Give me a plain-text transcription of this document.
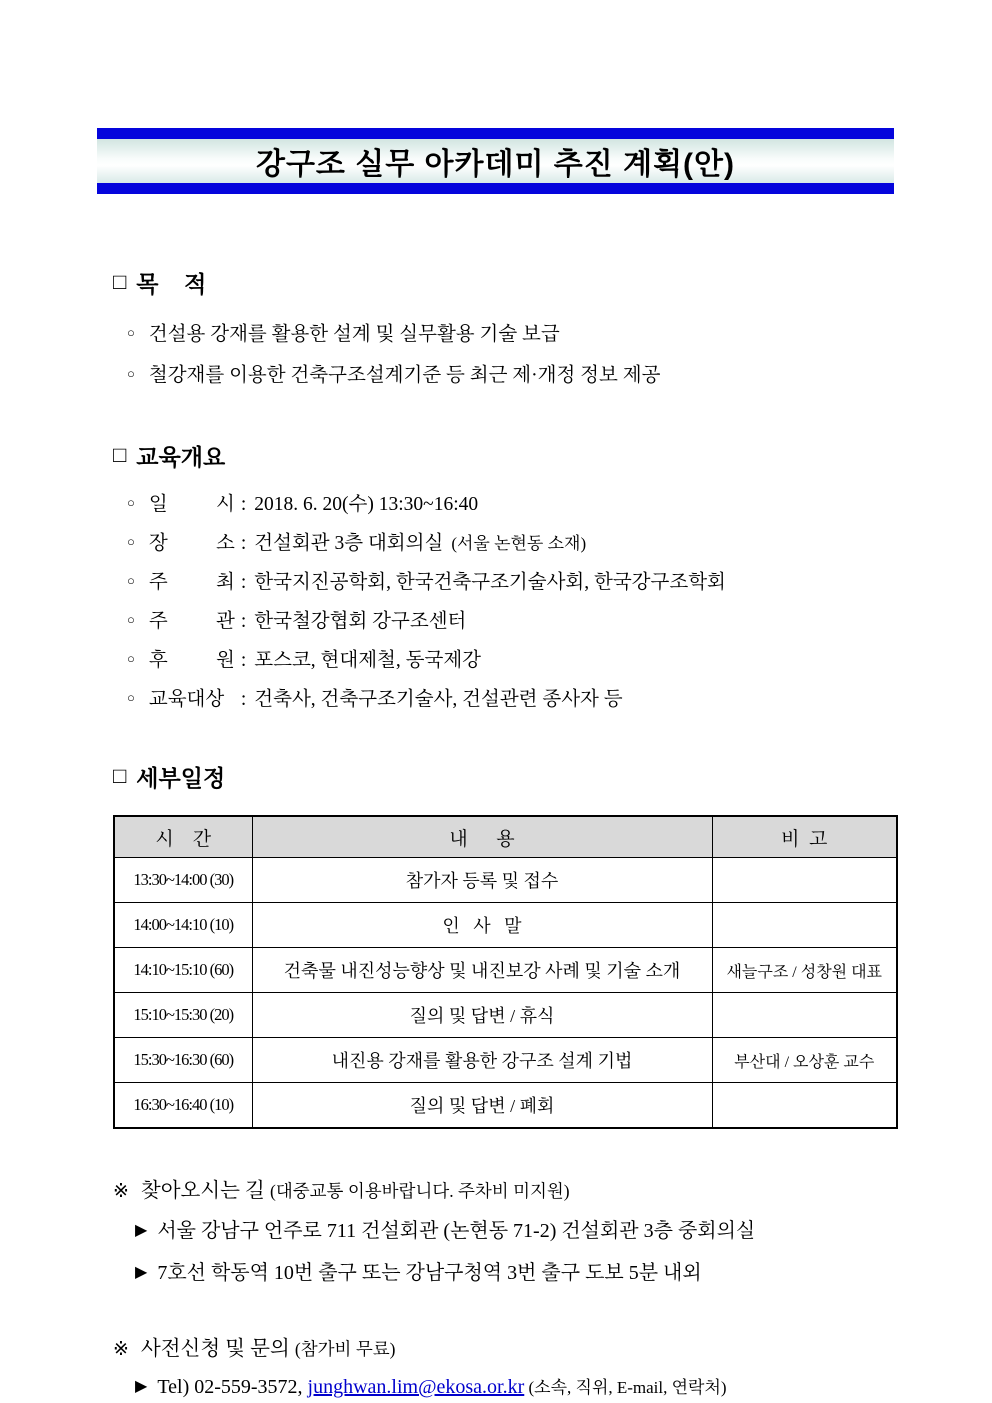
강구조 실무 아카데미 추진 계획(안)
□ 목    적
○ 건설용 강재를 활용한 설계 및 실무활용 기술 보급
○ 철강재를 이용한 건축구조설계기준 등 최근 제·개정 정보 제공
□ 교육개요
○ 일 시 : 2018. 6. 20(수) 13:30~16:40
○ 장 소 : 건설회관 3층 대회의실 (서울 논현동 소재)
○ 주 최 : 한국지진공학회, 한국건축구조기술사회, 한국강구조학회
○ 주 관 : 한국철강협회 강구조센터
○ 후 원 : 포스코, 현대제철, 동국제강
○ 교육대상 : 건축사, 건축구조기술사, 건설관련 종사자 등
□ 세부일정
시    간	내      용	비  고
13:30~14:00 (30)	참가자 등록 및 접수	
14:00~14:10 (10)	인   사   말	
14:10~15:10 (60)	건축물 내진성능향상 및 내진보강 사례 및 기술 소개	새늘구조 / 성창원 대표
15:10~15:30 (20)	질의 및 답변 / 휴식	
15:30~16:30 (60)	내진용 강재를 활용한 강구조 설계 기법	부산대 / 오상훈 교수
16:30~16:40 (10)	질의 및 답변 / 폐회	
※ 찾아오시는 길 (대중교통 이용바랍니다. 주차비 미지원)
▶ 서울 강남구 언주로 711 건설회관 (논현동 71-2) 건설회관 3층 중회의실
▶ 7호선 학동역 10번 출구 또는 강남구청역 3번 출구 도보 5분 내외
※ 사전신청 및 문의 (참가비 무료)
▶ Tel) 02-559-3572, junghwan.lim@ekosa.or.kr (소속, 직위, E-mail, 연락처)
